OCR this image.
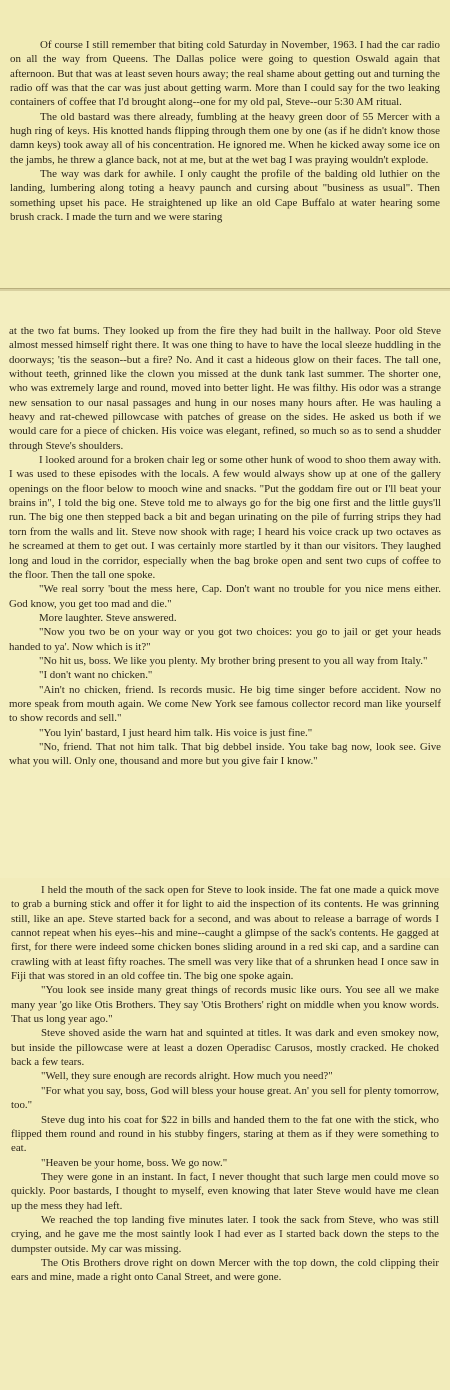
Of course I still remember that biting cold Saturday in November, 1963. I had the car radio on all the way from Queens. The Dallas police were going to question Oswald again that afternoon. But that was at least seven hours away; the real shame about getting out and turning the radio off was that the car was just about getting warm. More than I could say for the two leaking containers of coffee that I'd brought along--one for my old pal, Steve--our 5:30 AM ritual.

The old bastard was there already, fumbling at the heavy green door of 55 Mercer with a hugh ring of keys. His knotted hands flipping through them one by one (as if he didn't know those damn keys) took away all of his concentration. He ignored me. When he kicked away some ice on the jambs, he threw a glance back, not at me, but at the wet bag I was praying wouldn't explode.

The way was dark for awhile. I only caught the profile of the balding old luthier on the landing, lumbering along toting a heavy paunch and cursing about "business as usual". Then something upset his pace. He straightened up like an old Cape Buffalo at water hearing some brush crack. I made the turn and we were staring

at the two fat bums. They looked up from the fire they had built in the hallway. Poor old Steve almost messed himself right there. It was one thing to have to have the local sleeze huddling in the doorways; 'tis the season--but a fire? No. And it cast a hideous glow on their faces. The tall one, without teeth, grinned like the clown you missed at the dunk tank last summer. The shorter one, who was extremely large and round, moved into better light. He was filthy. His odor was a strange new sensation to our nasal passages and hung in our noses many hours after. He was hauling a heavy and rat-chewed pillowcase with patches of grease on the sides. He asked us both if we would care for a piece of chicken. His voice was elegant, refined, so much so as to send a shudder through Steve's shoulders.

I looked around for a broken chair leg or some other hunk of wood to shoo them away with. I was used to these episodes with the locals. A few would always show up at one of the gallery openings on the floor below to mooch wine and snacks. "Put the goddam fire out or I'll beat your brains in", I told the big one. Steve told me to always go for the big one first and the little guys'll run. The big one then stepped back a bit and began urinating on the pile of furring strips they had torn from the walls and lit. Steve now shook with rage; I heard his voice crack up two octaves as he screamed at them to get out. I was certainly more startled by it than our visitors. They laughed long and loud in the corridor, especially when the bag broke open and sent two cups of coffee to the floor. Then the tall one spoke.

"We real sorry 'bout the mess here, Cap. Don't want no trouble for you nice mens either. God know, you get too mad and die."

More laughter. Steve answered.

"Now you two be on your way or you got two choices: you go to jail or get your heads handed to ya'. Now which is it?"

"No hit us, boss. We like you plenty. My brother bring present to you all way from Italy."

"I don't want no chicken."

"Ain't no chicken, friend. Is records music. He big time singer before accident. Now no more speak from mouth again. We come New York see famous collector record man like yourself to show records and sell."

"You lyin' bastard, I just heard him talk. His voice is just fine."

"No, friend. That not him talk. That big debbel inside. You take bag now, look see. Give what you will. Only one, thousand and more but you give fair I know."

I held the mouth of the sack open for Steve to look inside. The fat one made a quick move to grab a burning stick and offer it for light to aid the inspection of its contents. He was grinning still, like an ape. Steve started back for a second, and was about to release a barrage of words I cannot repeat when his eyes--his and mine--caught a glimpse of the sack's contents. He gagged at first, for there were indeed some chicken bones sliding around in a red ski cap, and a sardine can crawling with at least fifty roaches. The smell was very like that of a shrunken head I once saw in Fiji that was stored in an old coffee tin. The big one spoke again.

"You look see inside many great things of records music like ours. You see all we make many year 'go like Otis Brothers. They say 'Otis Brothers' right on middle when you know words. That us long year ago."

Steve shoved aside the warn hat and squinted at titles. It was dark and even smokey now, but inside the pillowcase were at least a dozen Operadisc Carusos, mostly cracked. He choked back a few tears.

"Well, they sure enough are records alright. How much you need?"

"For what you say, boss, God will bless your house great. An' you sell for plenty tomorrow, too."

Steve dug into his coat for $22 in bills and handed them to the fat one with the stick, who flipped them round and round in his stubby fingers, staring at them as if they were something to eat.

"Heaven be your home, boss. We go now."

They were gone in an instant. In fact, I never thought that such large men could move so quickly. Poor bastards, I thought to myself, even knowing that later Steve would have me clean up the mess they had left.

We reached the top landing five minutes later. I took the sack from Steve, who was still crying, and he gave me the most saintly look I had ever as I started back down the steps to the dumpster outside. My car was missing.

The Otis Brothers drove right on down Mercer with the top down, the cold clipping their ears and mine, made a right onto Canal Street, and were gone.
